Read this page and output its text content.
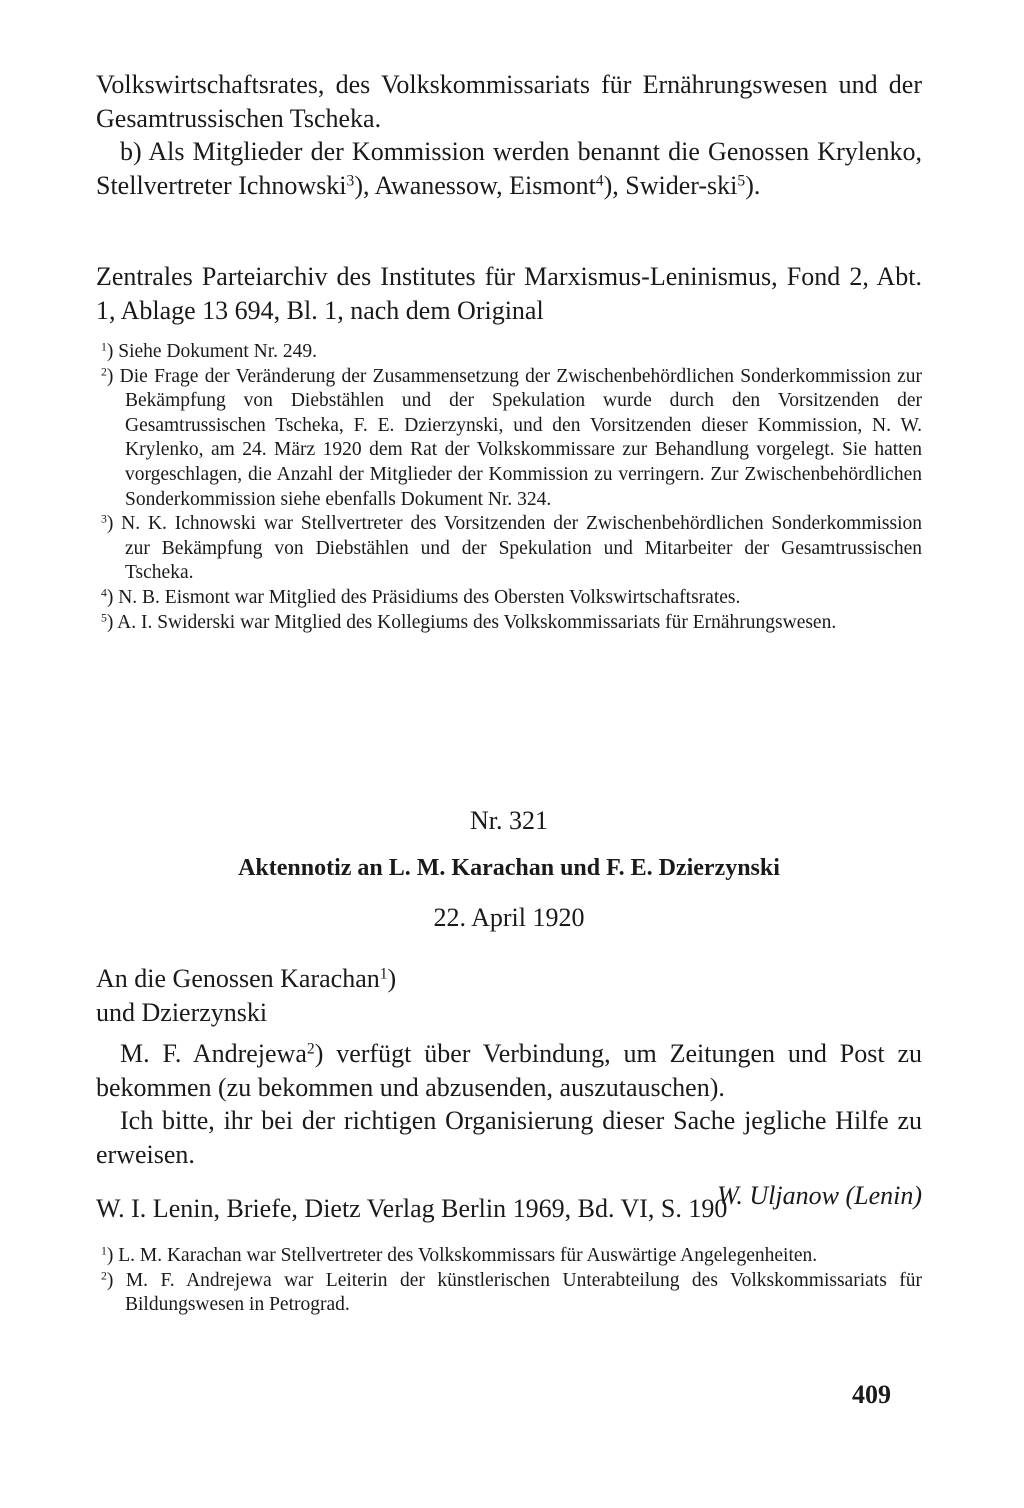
Volkswirtschaftsrates, des Volkskommissariats für Ernährungswesen und der Gesamtrussischen Tscheka.

b) Als Mitglieder der Kommission werden benannt die Genossen Krylenko, Stellvertreter Ichnowski$^3$), Awanessow, Eismont$^4$), Swider-ski$^5$).

Zentrales Parteiarchiv des Institutes für Marxismus-Leninismus, Fond 2, Abt. 1, Ablage 13 694, Bl. 1, nach dem Original

$^1$) Siehe Dokument Nr. 249.

$^2$) Die Frage der Veränderung der Zusammensetzung der Zwischenbehördlichen Sonderkommission zur Bekämpfung von Diebstählen und der Spekulation wurde durch den Vorsitzenden der Gesamtrussischen Tscheka, F. E. Dzierzynski, und den Vorsitzenden dieser Kommission, N. W. Krylenko, am 24. März 1920 dem Rat der Volkskommissare zur Behandlung vorgelegt. Sie hatten vorgeschlagen, die Anzahl der Mitglieder der Kommission zu verringern. Zur Zwischenbehördlichen Sonderkommission siehe ebenfalls Dokument Nr. 324.

$^3$) N. K. Ichnowski war Stellvertreter des Vorsitzenden der Zwischenbehördlichen Sonderkommission zur Bekämpfung von Diebstählen und der Spekulation und Mitarbeiter der Gesamtrussischen Tscheka.

$^4$) N. B. Eismont war Mitglied des Präsidiums des Obersten Volkswirtschaftsrates.

$^5$) A. I. Swiderski war Mitglied des Kollegiums des Volkskommissariats für Ernährungswesen.

Nr. 321

Aktennotiz an L. M. Karachan und F. E. Dzierzynski

22. April 1920

An die Genossen Karachan$^1$)

und Dzierzynski

M. F. Andrejewa$^2$) verfügt über Verbindung, um Zeitungen und Post zu bekommen (zu bekommen und abzusenden, auszutauschen).

Ich bitte, ihr bei der richtigen Organisierung dieser Sache jegliche Hilfe zu erweisen.

W. Uljanow (Lenin)

W. I. Lenin, Briefe, Dietz Verlag Berlin 1969, Bd. VI, S. 190

$^1$) L. M. Karachan war Stellvertreter des Volkskommissars für Auswärtige Angelegenheiten.

$^2$) M. F. Andrejewa war Leiterin der künstlerischen Unterabteilung des Volkskommissariats für Bildungswesen in Petrograd.

409
